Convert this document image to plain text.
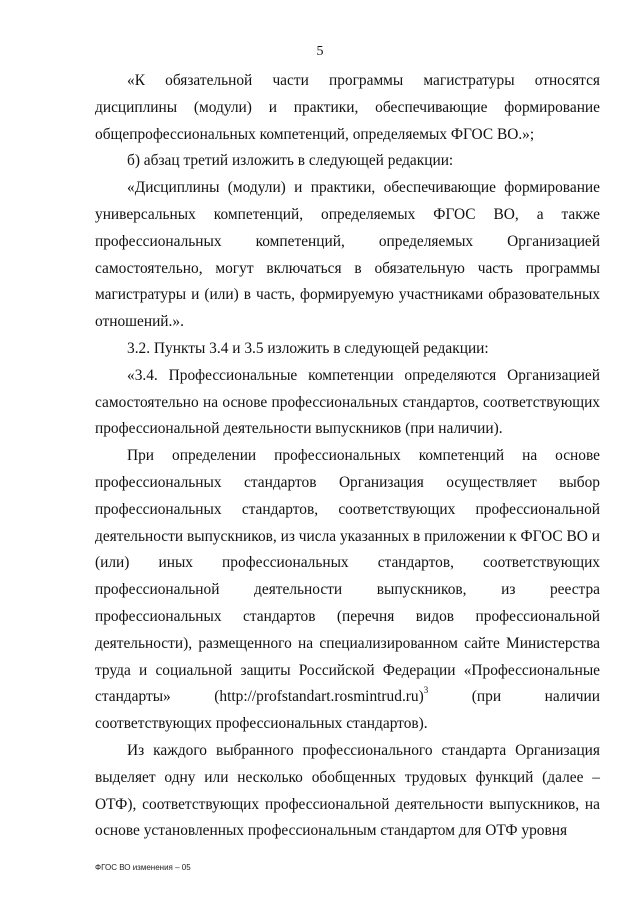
5

«К обязательной части программы магистратуры относятся дисциплины (модули) и практики, обеспечивающие формирование общепрофессиональных компетенций, определяемых ФГОС ВО.»;

б) абзац третий изложить в следующей редакции:

«Дисциплины (модули) и практики, обеспечивающие формирование универсальных компетенций, определяемых ФГОС ВО, а также профессиональных компетенций, определяемых Организацией самостоятельно, могут включаться в обязательную часть программы магистратуры и (или) в часть, формируемую участниками образовательных отношений.».

3.2. Пункты 3.4 и 3.5 изложить в следующей редакции:

«3.4. Профессиональные компетенции определяются Организацией самостоятельно на основе профессиональных стандартов, соответствующих профессиональной деятельности выпускников (при наличии).

При определении профессиональных компетенций на основе профессиональных стандартов Организация осуществляет выбор профессиональных стандартов, соответствующих профессиональной деятельности выпускников, из числа указанных в приложении к ФГОС ВО и (или) иных профессиональных стандартов, соответствующих профессиональной деятельности выпускников, из реестра профессиональных стандартов (перечня видов профессиональной деятельности), размещенного на специализированном сайте Министерства труда и социальной защиты Российской Федерации «Профессиональные стандарты» (http://profstandart.rosmintrud.ru)$^3$ (при наличии соответствующих профессиональных стандартов).

Из каждого выбранного профессионального стандарта Организация выделяет одну или несколько обобщенных трудовых функций (далее – ОТФ), соответствующих профессиональной деятельности выпускников, на основе установленных профессиональным стандартом для ОТФ уровня

ФГОС ВО изменения – 05
